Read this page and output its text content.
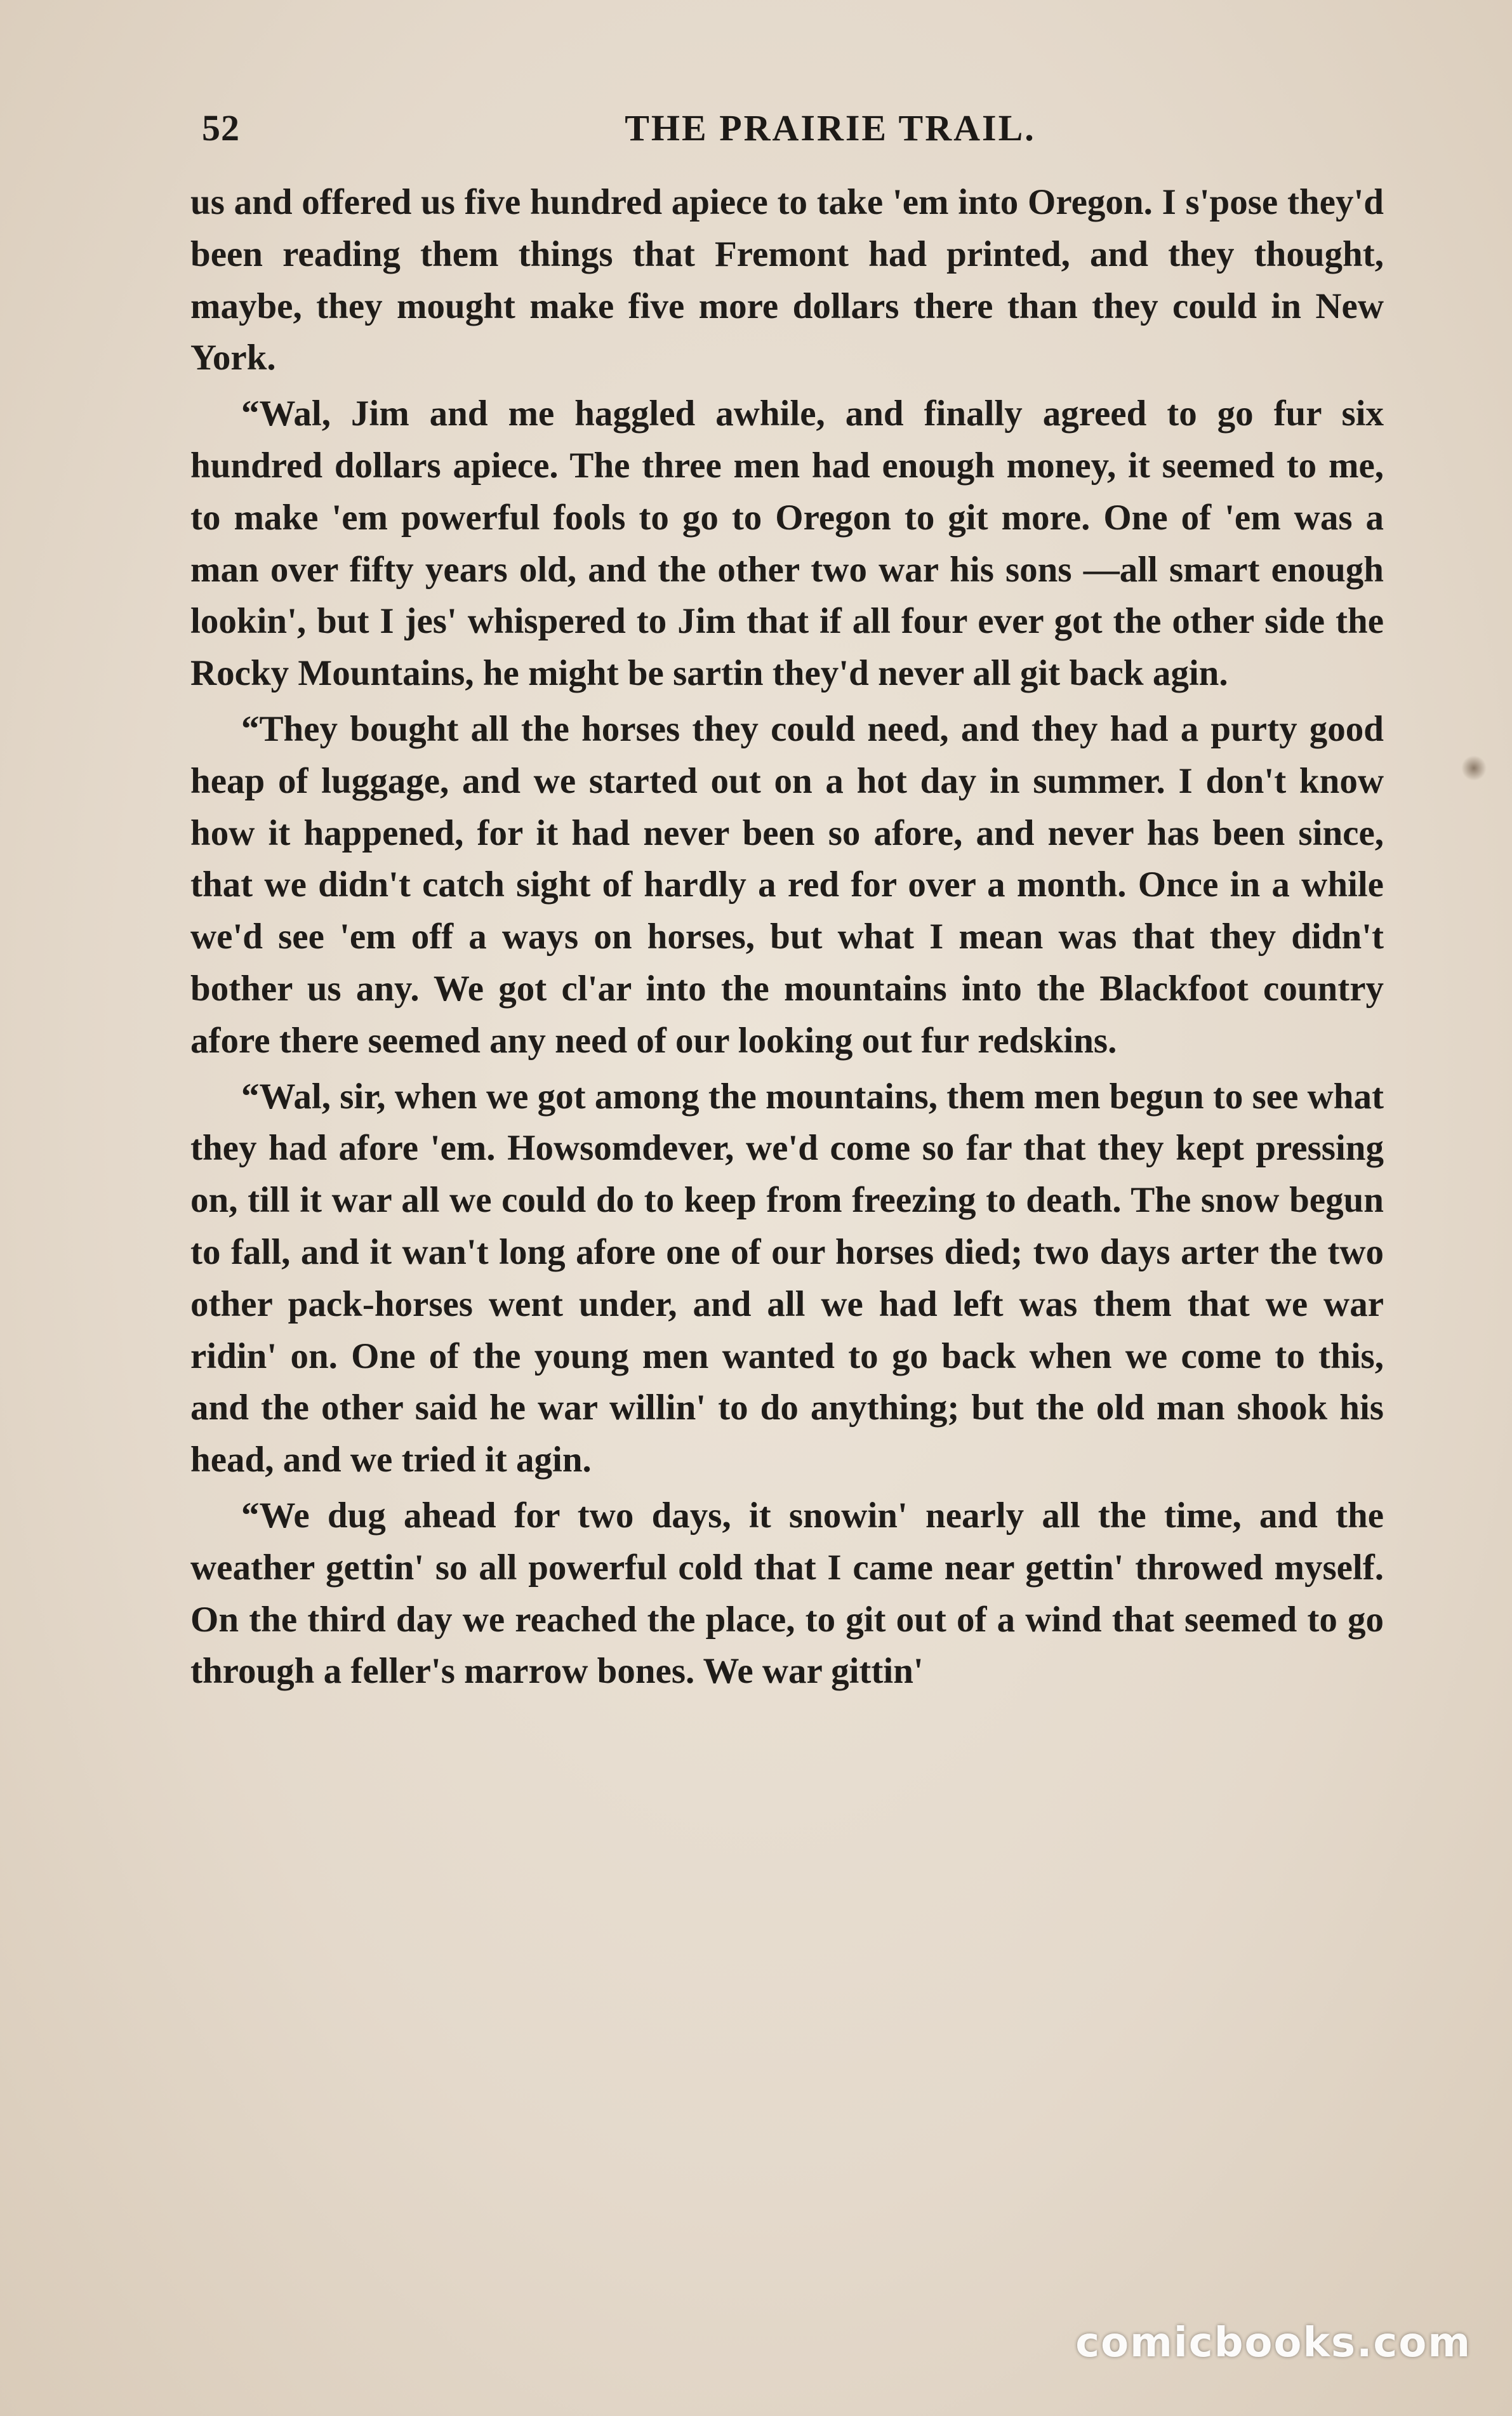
52	THE PRAIRIE TRAIL.

us and offered us five hundred apiece to take 'em into Oregon. I s'pose they'd been reading them things that Fremont had printed, and they thought, maybe, they mought make five more dollars there than they could in New York.

“Wal, Jim and me haggled awhile, and finally agreed to go fur six hundred dollars apiece. The three men had enough money, it seemed to me, to make 'em powerful fools to go to Oregon to git more. One of 'em was a man over fifty years old, and the other two war his sons —all smart enough lookin', but I jes' whispered to Jim that if all four ever got the other side the Rocky Mountains, he might be sartin they'd never all git back agin.

“They bought all the horses they could need, and they had a purty good heap of luggage, and we started out on a hot day in summer. I don't know how it happened, for it had never been so afore, and never has been since, that we didn't catch sight of hardly a red for over a month. Once in a while we'd see 'em off a ways on horses, but what I mean was that they didn't bother us any. We got cl'ar into the mountains into the Blackfoot country afore there seemed any need of our looking out fur redskins.

“Wal, sir, when we got among the mountains, them men begun to see what they had afore 'em. Howsomdever, we'd come so far that they kept pressing on, till it war all we could do to keep from freezing to death. The snow begun to fall, and it wan't long afore one of our horses died; two days arter the two other pack-horses went under, and all we had left was them that we war ridin' on. One of the young men wanted to go back when we come to this, and the other said he war willin' to do anything; but the old man shook his head, and we tried it agin.

“We dug ahead for two days, it snowin' nearly all the time, and the weather gettin' so all powerful cold that I came near gettin' throwed myself. On the third day we reached the place, to git out of a wind that seemed to go through a feller's marrow bones. We war gittin'

comicbooks.com
